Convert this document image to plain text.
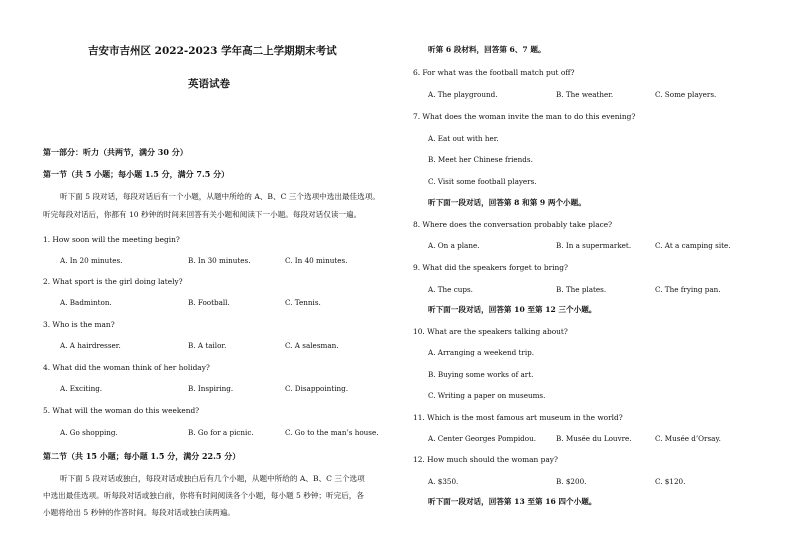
吉安市吉州区 2022-2023 学年高二上学期期末考试
英语试卷
第一部分：听力（共两节，满分 30 分）
第一节（共 5 小题；每小题 1.5 分，满分 7.5 分）
听下面 5 段对话，每段对话后有一个小题，从题中所给的 A、B、C 三个选项中选出最佳选项。
听完每段对话后，你都有 10 秒钟的时间来回答有关小题和阅读下一小题。每段对话仅读一遍。
1. How soon will the meeting begin?
A. In 20 minutes.	B. In 30 minutes.	C. In 40 minutes.
2. What sport is the girl doing lately?
A. Badminton.	B. Football.	C. Tennis.
3. Who is the man?
A. A hairdresser.	B. A tailor.	C. A salesman.
4. What did the woman think of her holiday?
A. Exciting.	B. Inspiring.	C. Disappointing.
5. What will the woman do this weekend?
A. Go shopping.	B. Go for a picnic.	C. Go to the man’s house.
第二节（共 15 小题；每小题 1.5 分，满分 22.5 分）
听下面 5 段对话或独白，每段对话或独白后有几个小题，从题中所给的 A、B、C 三个选项
中选出最佳选项。听每段对话或独白前，你将有时间阅读各个小题，每小题 5 秒钟；听完后，各
小题将给出 5 秒钟的作答时间。每段对话或独白读两遍。
听第 6 段材料，回答第 6、7 题。
6. For what was the football match put off?
A. The playground.	B. The weather.	C. Some players.
7. What does the woman invite the man to do this evening?
A. Eat out with her.
B. Meet her Chinese friends.
C. Visit some football players.
听下面一段对话，回答第 8 和第 9 两个小题。
8. Where does the conversation probably take place?
A. On a plane.	B. In a supermarket.	C. At a camping site.
9. What did the speakers forget to bring?
A. The cups.	B. The plates.	C. The frying pan.
听下面一段对话，回答第 10 至第 12 三个小题。
10. What are the speakers talking about?
A. Arranging a weekend trip.
B. Buying some works of art.
C. Writing a paper on museums.
11. Which is the most famous art museum in the world?
A. Center Georges Pompidou.	B. Musée du Louvre.	C. Musée d’Orsay.
12. How much should the woman pay?
A. $350.	B. $200.	C. $120.
听下面一段对话，回答第 13 至第 16 四个小题。
